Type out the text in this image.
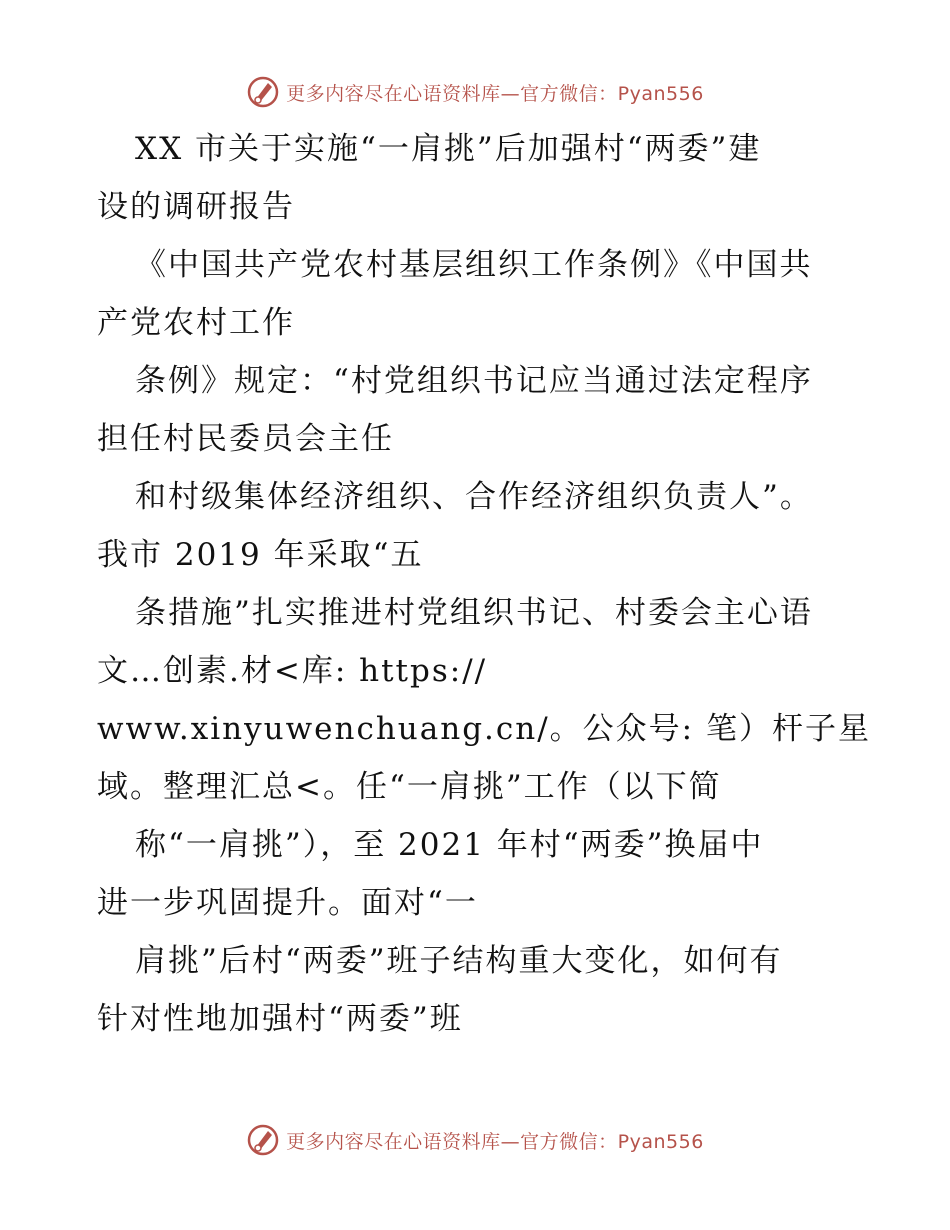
更多内容尽在心语资料库—官方微信：Pyan556
XX 市关于实施“一肩挑”后加强村“两委”建
设的调研报告
《中国共产党农村基层组织工作条例》《中国共
产党农村工作
条例》规定：“村党组织书记应当通过法定程序
担任村民委员会主任
和村级集体经济组织、合作经济组织负责人”。
我市 2019 年采取“五
条措施”扎实推进村党组织书记、村委会主心语
文…创素.材<库: https://
www.xinyuwenchuang.cn/。公众号: 笔）杆子星
域。整理汇总<。任“一肩挑”工作（以下简
称“一肩挑”），至 2021 年村“两委”换届中
进一步巩固提升。面对“一
肩挑”后村“两委”班子结构重大变化，如何有
针对性地加强村“两委”班
更多内容尽在心语资料库—官方微信：Pyan556
